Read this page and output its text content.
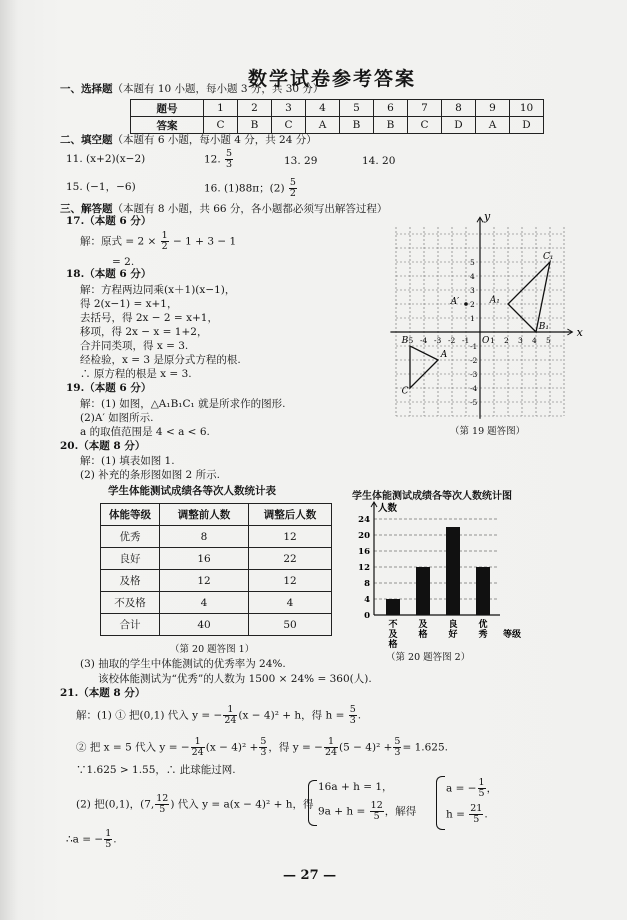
数学试卷参考答案
一、选择题（本题有 10 小题，每小题 3 分，共 30 分）
题号	1	2	3	4	5	6	7	8	9	10
答案	C	B	C	A	B	B	C	D	A	D
二、填空题（本题有 6 小题，每小题 4 分，共 24 分）
11. (x+2)(x−2)	12. $\frac{5}{3}$	13. 29	14. 20
15. (−1，−6)	16. (1)88π；$(2) \frac{5}{2}$
三、解答题（本题有 8 小题，共 66 分，各小题都必须写出解答过程）
17.（本题 6 分）
解：原式 = $2 \times \frac{1}{2} - 1 + 3 - 1$
= 2.
18.（本题 6 分）
解：方程两边同乘(x＋1)(x−1)，
得 2(x−1) = x+1，
去括号，得 2x − 2 = x+1，
移项，得 2x − x = 1+2，
合并同类项，得 x = 3.
经检验，x = 3 是原分式方程的根.
∴ 原方程的根是 x = 3.
19.（本题 6 分）
解：(1) 如图，△A₁B₁C₁ 就是所求作的图形.
(2)A′ 如图所示.
a 的取值范围是 4 < a < 6.
x
y
O
-5 -4 -3 -2 -1	1 2 3 4 5
5
4
3
2
1
-1
-2
-3
-4
-5
A
B
C
A₁
B₁
C₁
A′
（第 19 题答图）
20.（本题 8 分）
解：(1) 填表如图 1.
(2) 补充的条形图如图 2 所示.
学生体能测试成绩各等次人数统计表
体能等级	调整前人数	调整后人数
优秀	8	12
良好	16	22
及格	12	12
不及格	4	4
合计	40	50
（第 20 题答图 1）
学生体能测试成绩各等次人数统计图
24
20
16
12
8
4
0
人数
不及格
及格
良好
优秀 等级
（第 20 题答图 2）
(3) 抽取的学生中体能测试的优秀率为 24%.
该校体能测试为“优秀”的人数为 1500 × 24% = 360(人).
21.（本题 8 分）
解：(1) ① 把(0,1) 代入 y = − $\frac{1}{24} (x - 4)^2 + h$，得 $h = \frac{5}{3}$ .
② 把 x = 5 代入 y = − $\frac{1}{24} (x - 4)^2 + \frac{5}{3}$ ，得 y = − $\frac{1}{24} (5 - 4)^2 + \frac{5}{3} = 1.625$.
∵1.625 > 1.55，∴ 此球能过网.
(2) 把(0,1)，(7, $\frac{12}{5}$ ) 代入 y = a(x − 4)² + h，得
16a + h = 1，
$9a + h = \frac{12}{5}$ ，解得
a = − $\frac{1}{5}$ ，
$h = \frac{21}{5}$ .
∴a = − $\frac{1}{5}$ .
— 27 —
